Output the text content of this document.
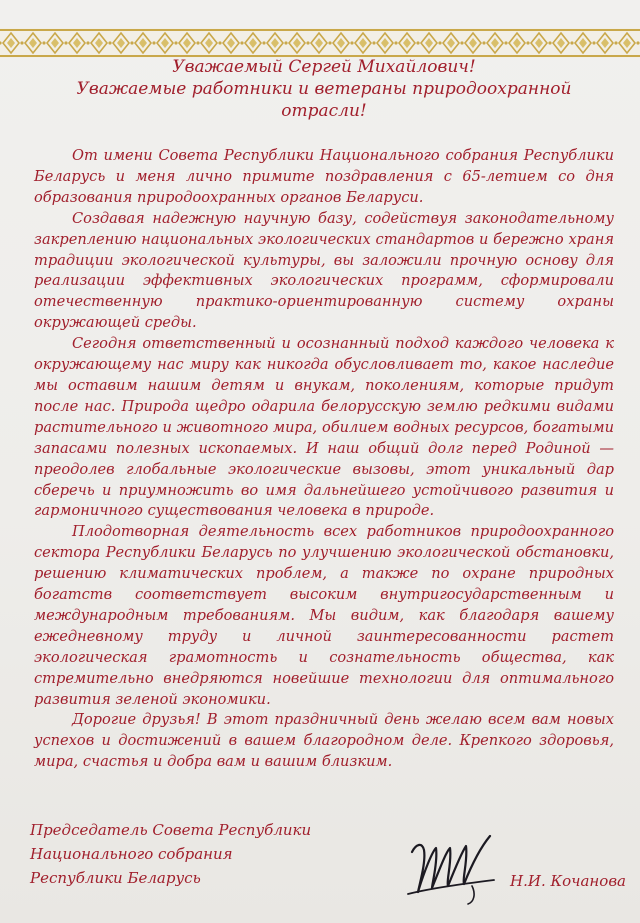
Уважаемый Сергей Михайлович!

Уважаемые работники и ветераны природоохранной отрасли!

От имени Совета Республики Национального собрания Республики Беларусь и меня лично примите поздравления с 65-летием со дня образования природоохранных органов Беларуси.

Создавая надежную научную базу, содействуя законодательному закреплению национальных экологических стандартов и бережно храня традиции экологической культуры, вы заложили прочную основу для реализации эффективных экологических программ, сформировали отечественную практико-ориентированную систему охраны окружающей среды.

Сегодня ответственный и осознанный подход каждого человека к окружающему нас миру как никогда обусловливает то, какое наследие мы оставим нашим детям и внукам, поколениям, которые придут после нас. Природа щедро одарила белорусскую землю редкими видами растительного и животного мира, обилием водных ресурсов, богатыми запасами полезных ископаемых. И наш общий долг перед Родиной — преодолев глобальные экологические вызовы, этот уникальный дар сберечь и приумножить во имя дальнейшего устойчивого развития и гармоничного существования человека в природе.

Плодотворная деятельность всех работников природоохранного сектора Республики Беларусь по улучшению экологической обстановки, решению климатических проблем, а также по охране природных богатств соответствует высоким внутригосударственным и международным требованиям. Мы видим, как благодаря вашему ежедневному труду и личной заинтересованности растет экологическая грамотность и сознательность общества, как стремительно внедряются новейшие технологии для оптимального развития зеленой экономики.

Дорогие друзья! В этот праздничный день желаю всем вам новых успехов и достижений в вашем благородном деле. Крепкого здоровья, мира, счастья и добра вам и вашим близким.

Председатель Совета Республики
Национального собрания
Республики Беларусь	Н.И. Кочанова
